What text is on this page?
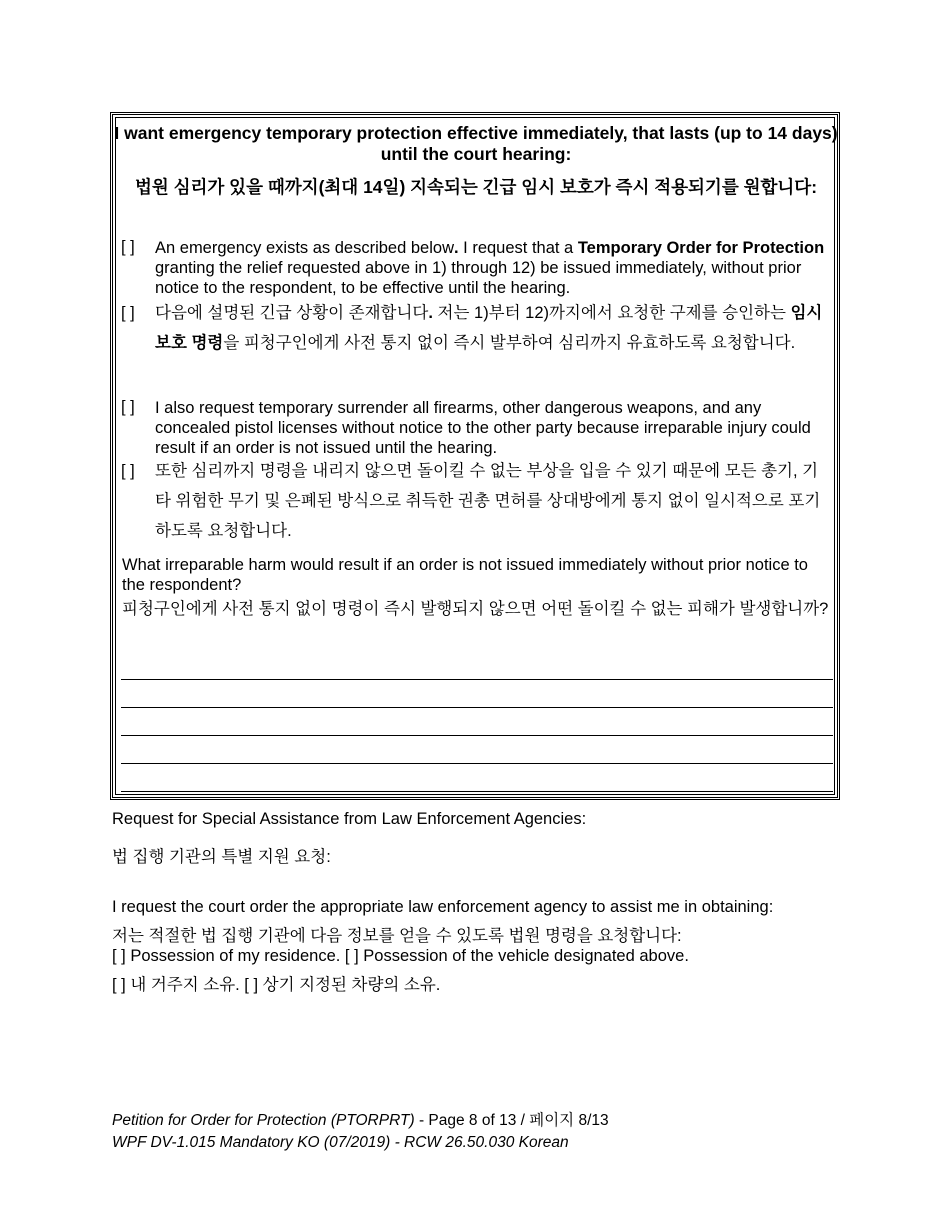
I want emergency temporary protection effective immediately, that lasts (up to 14 days) until the court hearing:
법원 심리가 있을 때까지(최대 14일) 지속되는 긴급 임시 보호가 즉시 적용되기를 원합니다:
[ ] An emergency exists as described below. I request that a Temporary Order for Protection granting the relief requested above in 1) through 12) be issued immediately, without prior notice to the respondent, to be effective until the hearing.
[ ] 다음에 설명된 긴급 상황이 존재합니다. 저는 1)부터 12)까지에서 요청한 구제를 승인하는 임시 보호 명령을 피청구인에게 사전 통지 없이 즉시 발부하여 심리까지 유효하도록 요청합니다.
[ ] I also request temporary surrender all firearms, other dangerous weapons, and any concealed pistol licenses without notice to the other party because irreparable injury could result if an order is not issued until the hearing.
[ ] 또한 심리까지 명령을 내리지 않으면 돌이킬 수 없는 부상을 입을 수 있기 때문에 모든 총기, 기타 위험한 무기 및 은폐된 방식으로 취득한 권총 면허를 상대방에게 통지 없이 일시적으로 포기하도록 요청합니다.
What irreparable harm would result if an order is not issued immediately without prior notice to the respondent?
피청구인에게 사전 통지 없이 명령이 즉시 발행되지 않으면 어떤 돌이킬 수 없는 피해가 발생합니까?
Request for Special Assistance from Law Enforcement Agencies:
법 집행 기관의 특별 지원 요청:
I request the court order the appropriate law enforcement agency to assist me in obtaining:
저는 적절한 법 집행 기관에 다음 정보를 얻을 수 있도록 법원 명령을 요청합니다:
[ ] Possession of my residence. [ ] Possession of the vehicle designated above.
[ ] 내 거주지 소유. [ ] 상기 지정된 차량의 소유.
Petition for Order for Protection (PTORPRT) - Page 8 of 13 / 페이지 8/13
WPF DV-1.015 Mandatory KO (07/2019) - RCW 26.50.030 Korean
